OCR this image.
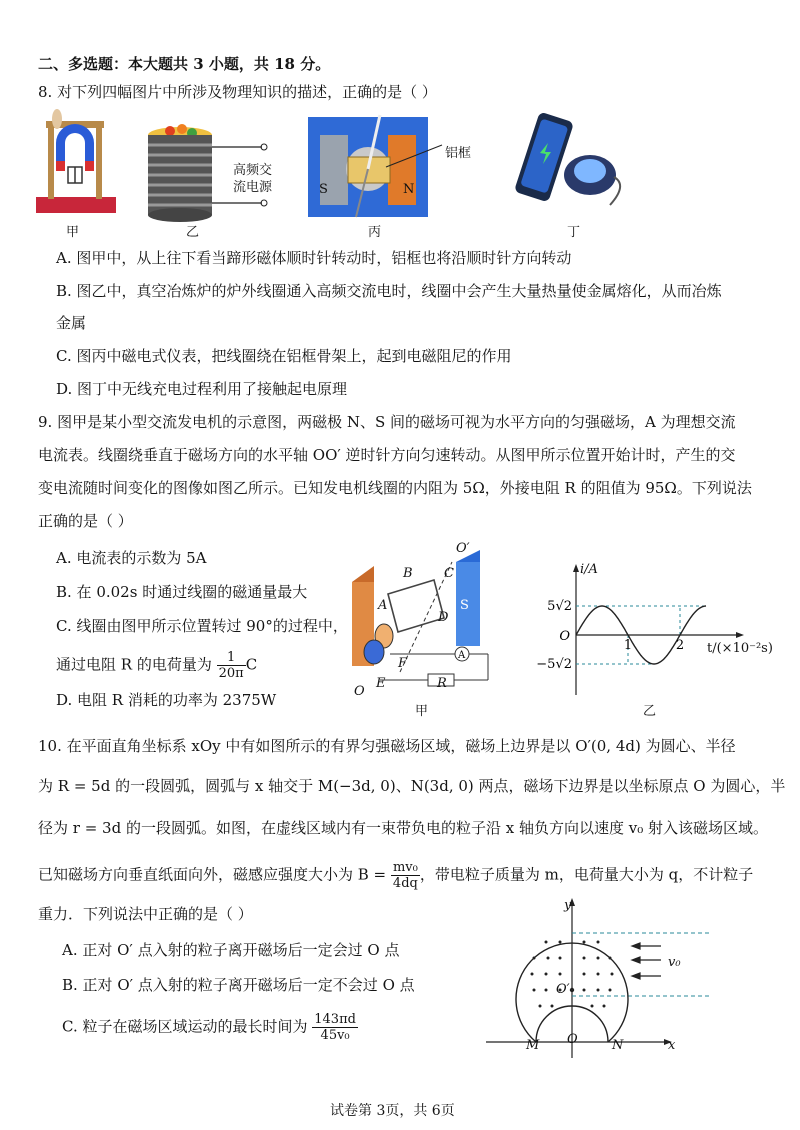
二、多选题：本大题共 3 小题，共 18 分。
8. 对下列四幅图片中所涉及物理知识的描述，正确的是（ ）
高频交
流电源
铝框
S	N
甲	乙	丙	丁
A. 图甲中，从上往下看当蹄形磁体顺时针转动时，铝框也将沿顺时针方向转动
B. 图乙中，真空冶炼炉的炉外线圈通入高频交流电时，线圈中会产生大量热量使金属熔化，从而冶炼
金属
C. 图丙中磁电式仪表，把线圈绕在铝框骨架上，起到电磁阻尼的作用
D. 图丁中无线充电过程利用了接触起电原理
9. 图甲是某小型交流发电机的示意图，两磁极 N、S 间的磁场可视为水平方向的匀强磁场，A 为理想交流
电流表。线圈绕垂直于磁场方向的水平轴 OO′ 逆时针方向匀速转动。从图甲所示位置开始计时，产生的交
变电流随时间变化的图像如图乙所示。已知发电机线圈的内阻为 5Ω，外接电阻 R 的阻值为 95Ω。下列说法
正确的是（ ）
A. 电流表的示数为 5A
B. 在 0.02s 时通过线圈的磁通量最大
C. 线圈由图甲所示位置转过 90°的过程中，
通过电阻 R 的电荷量为 $\frac{1}{20\pi}$ C
D. 电阻 R 消耗的功率为 2375W
A
O′
B C
A
D
S
F
E	R
O
甲
5√2
−5√2
O
1	2
i/A
t/(×10⁻²s)
乙
10. 在平面直角坐标系 xOy 中有如图所示的有界匀强磁场区域，磁场上边界是以 O′(0, 4d) 为圆心、半径
为 R = 5d 的一段圆弧，圆弧与 x 轴交于 M(−3d, 0)、N(3d, 0) 两点，磁场下边界是以坐标原点 O 为圆心，半
径为 r = 3d 的一段圆弧。如图，在虚线区域内有一束带负电的粒子沿 x 轴负方向以速度 v₀ 射入该磁场区域。
已知磁场方向垂直纸面向外，磁感应强度大小为 $B = \frac{\text{mv₀}}{4dq}$ ，带电粒子质量为 m，电荷量大小为 q，不计粒子
重力．下列说法中正确的是（ ）
A. 正对 O′ 点入射的粒子离开磁场后一定会过 O 点
B. 正对 O′ 点入射的粒子离开磁场后一定不会过 O 点
C. 粒子在磁场区域运动的最长时间为 $\frac{143\pi d}{\text{45v₀}}$
y
x
v₀
O′
O
M	N
试卷第 3页，共 6页
